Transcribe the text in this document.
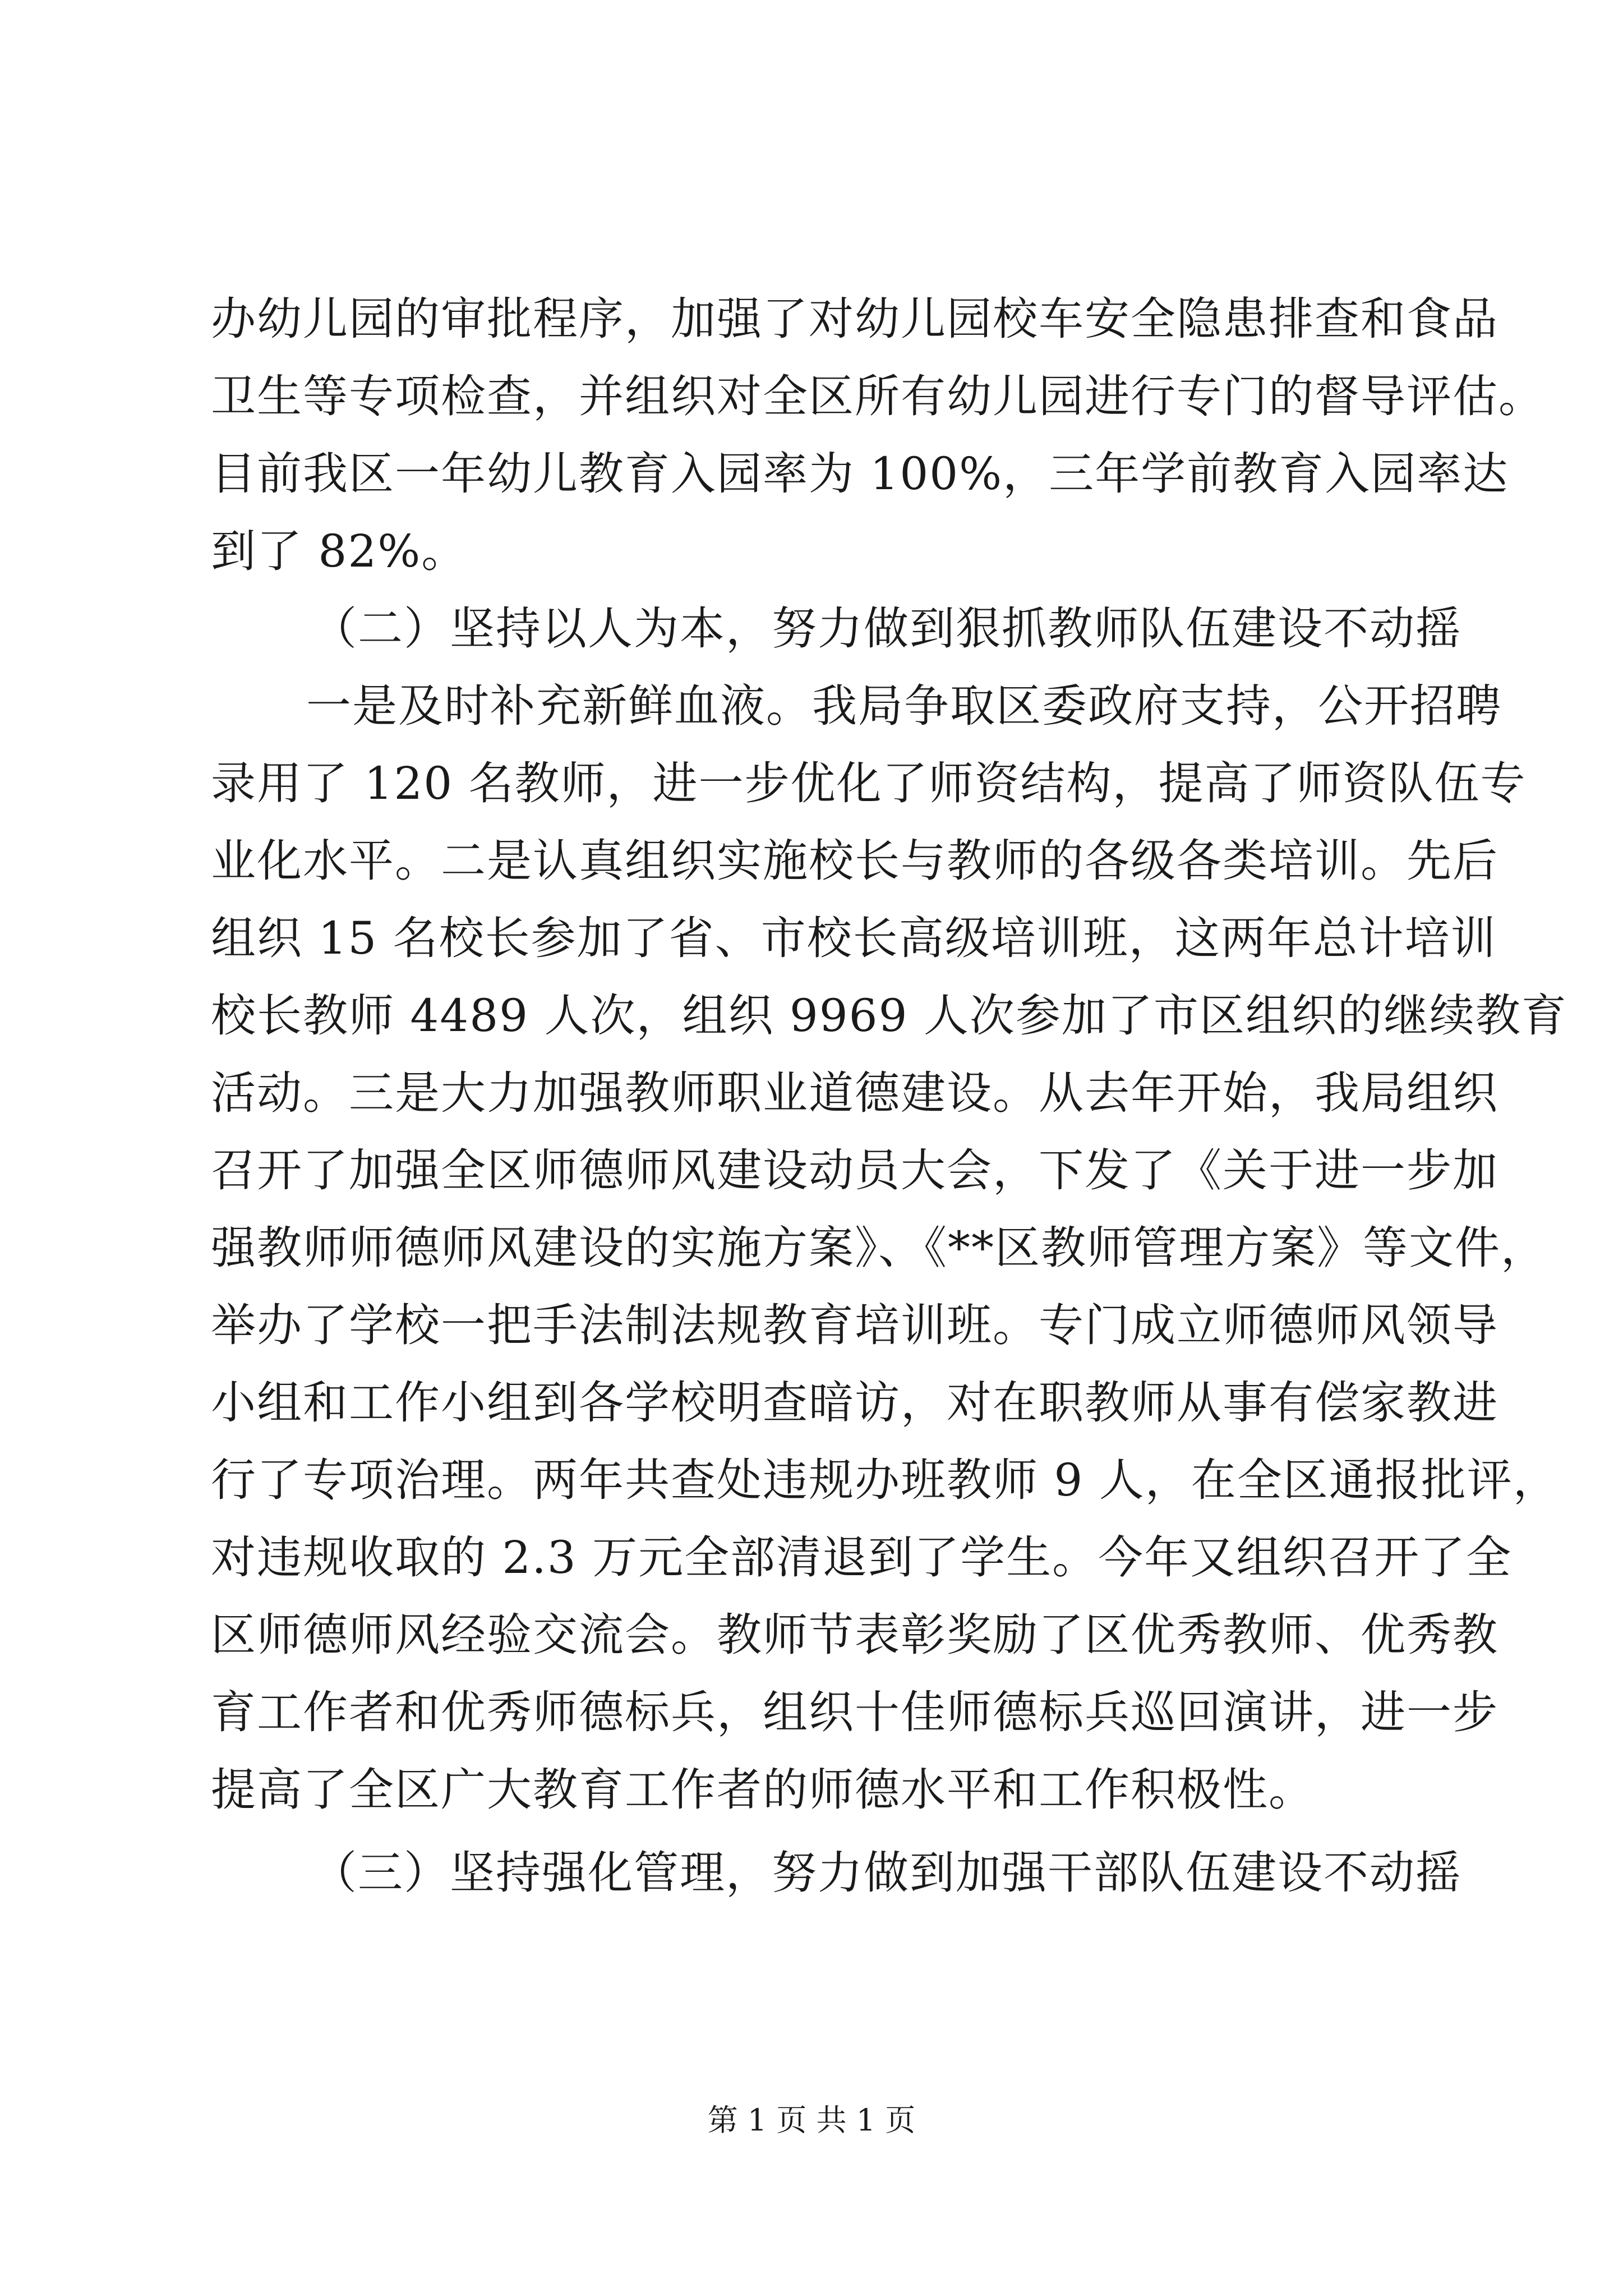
办幼儿园的审批程序，加强了对幼儿园校车安全隐患排查和食品
卫生等专项检查，并组织对全区所有幼儿园进行专门的督导评估。
目前我区一年幼儿教育入园率为 100%，三年学前教育入园率达
到了 82%。
（二）坚持以人为本，努力做到狠抓教师队伍建设不动摇
一是及时补充新鲜血液。我局争取区委政府支持，公开招聘
录用了 120 名教师，进一步优化了师资结构，提高了师资队伍专
业化水平。二是认真组织实施校长与教师的各级各类培训。先后
组织 15 名校长参加了省、市校长高级培训班，这两年总计培训
校长教师 4489 人次，组织 9969 人次参加了市区组织的继续教育
活动。三是大力加强教师职业道德建设。从去年开始，我局组织
召开了加强全区师德师风建设动员大会，下发了《关于进一步加
强教师师德师风建设的实施方案》、《**区教师管理方案》等文件，
举办了学校一把手法制法规教育培训班。专门成立师德师风领导
小组和工作小组到各学校明查暗访，对在职教师从事有偿家教进
行了专项治理。两年共查处违规办班教师 9 人，在全区通报批评，
对违规收取的 2.3 万元全部清退到了学生。今年又组织召开了全
区师德师风经验交流会。教师节表彰奖励了区优秀教师、优秀教
育工作者和优秀师德标兵，组织十佳师德标兵巡回演讲，进一步
提高了全区广大教育工作者的师德水平和工作积极性。
（三）坚持强化管理，努力做到加强干部队伍建设不动摇
第 1 页 共 1 页
